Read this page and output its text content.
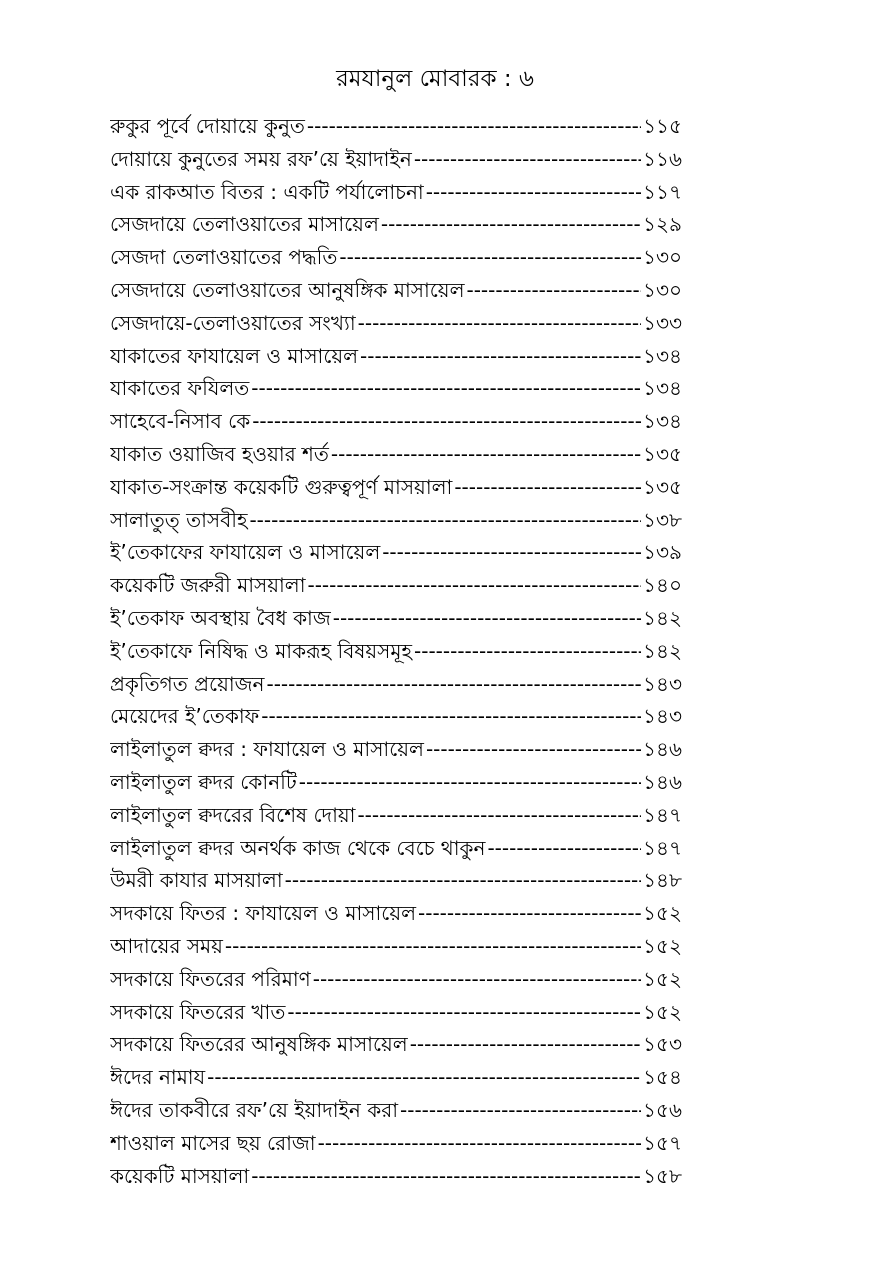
রমযানুল মোবারক : ৬
রুকুর পূর্বে দোয়ায়ে কুনুত -----	১১৫
দোয়ায়ে কুনুতের সময় রফ’য়ে ইয়াদাইন -----	১১৬
এক রাকআত বিতর : একটি পর্যালোচনা -----	১১৭
সেজদায়ে তেলাওয়াতের মাসায়েল -----	১২৯
সেজদা তেলাওয়াতের পদ্ধতি -----	১৩০
সেজদায়ে তেলাওয়াতের আনুষঙ্গিক মাসায়েল -----	১৩০
সেজদায়ে-তেলাওয়াতের সংখ্যা -----	১৩৩
যাকাতের ফাযায়েল ও মাসায়েল -----	১৩৪
যাকাতের ফযিলত -----	১৩৪
সাহেবে-নিসাব কে -----	১৩৪
যাকাত ওয়াজিব হওয়ার শর্ত -----	১৩৫
যাকাত-সংক্রান্ত কয়েকটি গুরুত্বপূর্ণ মাসয়ালা -----	১৩৫
সালাতুত্ তাসবীহ -----	১৩৮
ই’তেকাফের ফাযায়েল ও মাসায়েল -----	১৩৯
কয়েকটি জরুরী মাসয়ালা -----	১৪০
ই’তেকাফ অবস্থায় বৈধ কাজ -----	১৪২
ই’তেকাফে নিষিদ্ধ ও মাকরূহ বিষয়সমূহ -----	১৪২
প্রকৃতিগত প্রয়োজন -----	১৪৩
মেয়েদের ই’তেকাফ -----	১৪৩
লাইলাতুল ক্বদর : ফাযায়েল ও মাসায়েল -----	১৪৬
লাইলাতুল ক্বদর কোনটি -----	১৪৬
লাইলাতুল ক্বদরের বিশেষ দোয়া -----	১৪৭
লাইলাতুল ক্বদর অনর্থক কাজ থেকে বেচে থাকুন -----	১৪৭
উমরী কাযার মাসয়ালা -----	১৪৮
সদকায়ে ফিতর : ফাযায়েল ও মাসায়েল -----	১৫২
আদায়ের সময় -----	১৫২
সদকায়ে ফিতরের পরিমাণ -----	১৫২
সদকায়ে ফিতরের খাত -----	১৫২
সদকায়ে ফিতরের আনুষঙ্গিক মাসায়েল -----	১৫৩
ঈদের নামায -----	১৫৪
ঈদের তাকবীরে রফ’য়ে ইয়াদাইন করা -----	১৫৬
শাওয়াল মাসের ছয় রোজা -----	১৫৭
কয়েকটি মাসয়ালা -----	১৫৮
